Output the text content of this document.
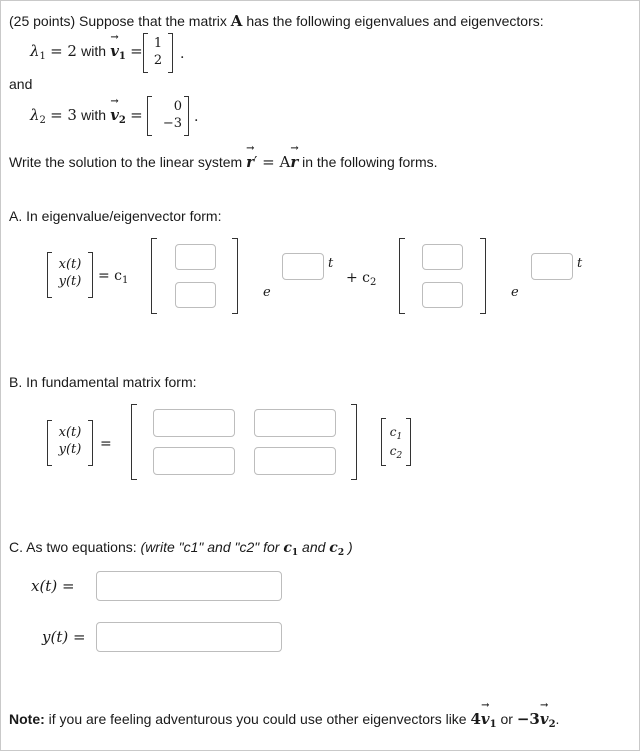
(25 points) Suppose that the matrix A has the following eigenvalues and eigenvectors:
$\lambda_1 = 2$ with → $v_1 = 1$
2	.
and
$\lambda_2 = 3$ with → $v_2$ =	0
−3 .
Write the solution to the linear system → r′ = A→ r in the following forms.
A. In eigenvalue/eigenvector form:
x(t)
y(t)	= $c_1$
e
t
+ $c_2$
e
t
B. In fundamental matrix form:
x(t)
y(t)	=
$c_1$
$c_2$
C. As two equations: (write "c1" and "c2" for $c_1$ and $c_2$ )
x(t) =
y(t) =
Note: if you are feeling adventurous you could use other eigenvectors like $4\to v_1$ or $-3\to v_2$.
